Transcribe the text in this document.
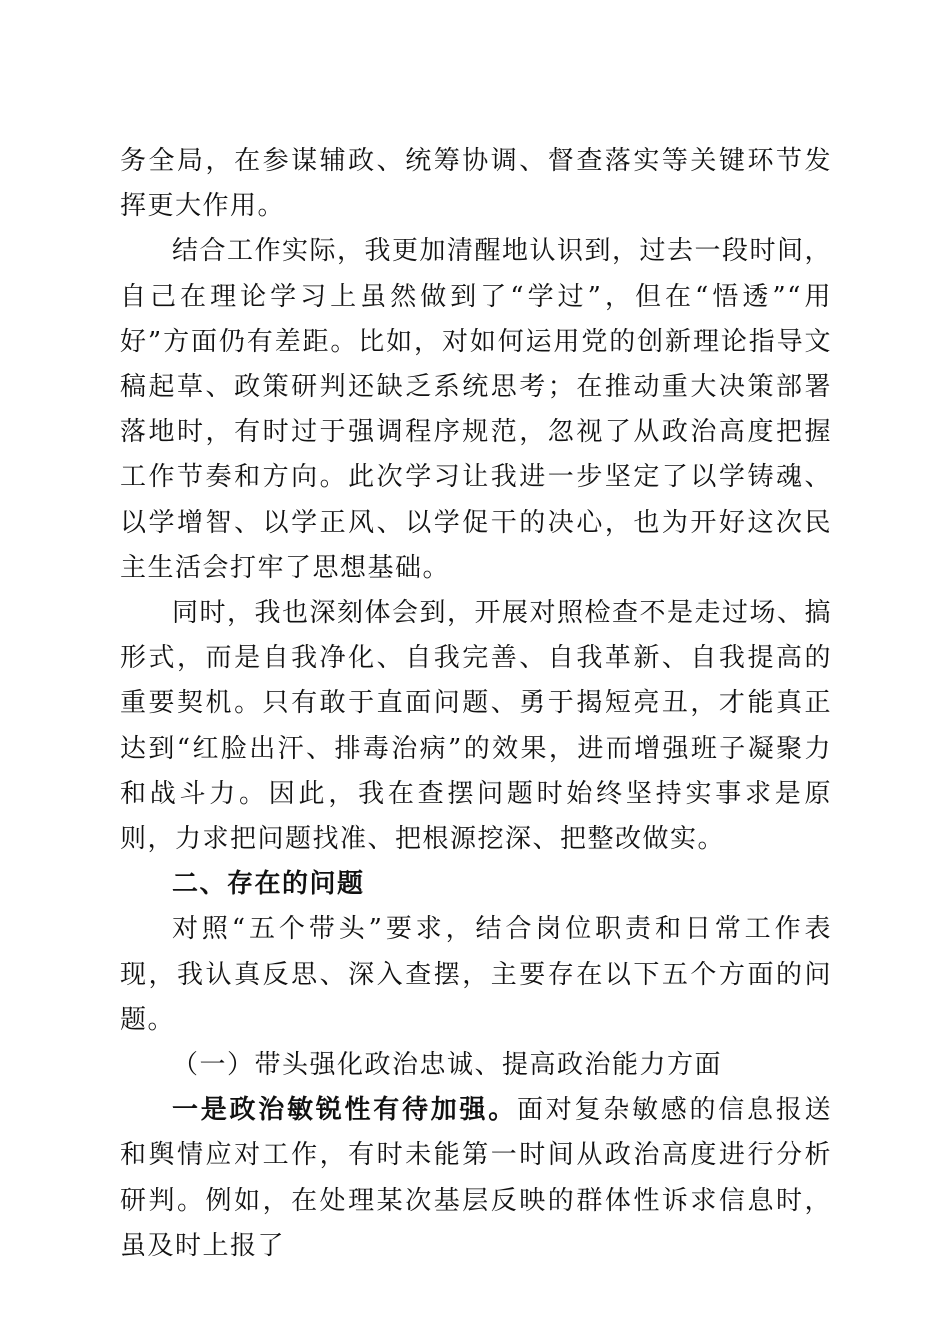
务全局，在参谋辅政、统筹协调、督查落实等关键环节发挥更大作用。

结合工作实际，我更加清醒地认识到，过去一段时间，自己在理论学习上虽然做到了“学过”，但在“悟透”“用好”方面仍有差距。比如，对如何运用党的创新理论指导文稿起草、政策研判还缺乏系统思考；在推动重大决策部署落地时，有时过于强调程序规范，忽视了从政治高度把握工作节奏和方向。此次学习让我进一步坚定了以学铸魂、以学增智、以学正风、以学促干的决心，也为开好这次民主生活会打牢了思想基础。

同时，我也深刻体会到，开展对照检查不是走过场、搞形式，而是自我净化、自我完善、自我革新、自我提高的重要契机。只有敢于直面问题、勇于揭短亮丑，才能真正达到“红脸出汗、排毒治病”的效果，进而增强班子凝聚力和战斗力。因此，我在查摆问题时始终坚持实事求是原则，力求把问题找准、把根源挖深、把整改做实。

二、存在的问题

对照“五个带头”要求，结合岗位职责和日常工作表现，我认真反思、深入查摆，主要存在以下五个方面的问题。

（一）带头强化政治忠诚、提高政治能力方面

一是政治敏锐性有待加强。面对复杂敏感的信息报送和舆情应对工作，有时未能第一时间从政治高度进行分析研判。例如，在处理某次基层反映的群体性诉求信息时，虽及时上报了
